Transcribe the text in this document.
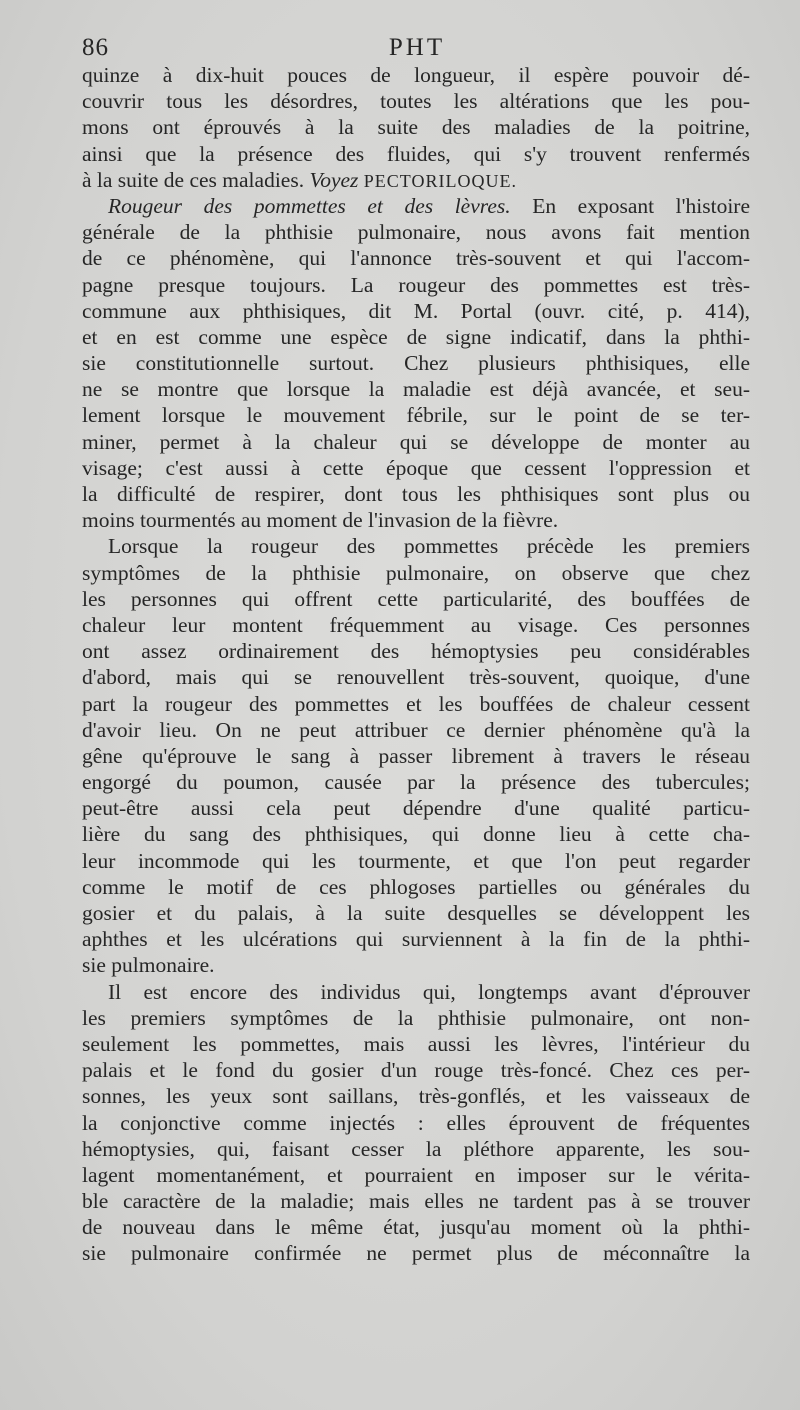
86	PHT
quinze à dix-huit pouces de longueur, il espère pouvoir dé-
couvrir tous les désordres, toutes les altérations que les pou-
mons ont éprouvés à la suite des maladies de la poitrine,
ainsi que la présence des fluides, qui s'y trouvent renfermés
à la suite de ces maladies. Voyez PECTORILOQUE.
Rougeur des pommettes et des lèvres. En exposant l'histoire
générale de la phthisie pulmonaire, nous avons fait mention
de ce phénomène, qui l'annonce très-souvent et qui l'accom-
pagne presque toujours. La rougeur des pommettes est très-
commune aux phthisiques, dit M. Portal (ouvr. cité, p. 414),
et en est comme une espèce de signe indicatif, dans la phthi-
sie constitutionnelle surtout. Chez plusieurs phthisiques, elle
ne se montre que lorsque la maladie est déjà avancée, et seu-
lement lorsque le mouvement fébrile, sur le point de se ter-
miner, permet à la chaleur qui se développe de monter au
visage; c'est aussi à cette époque que cessent l'oppression et
la difficulté de respirer, dont tous les phthisiques sont plus ou
moins tourmentés au moment de l'invasion de la fièvre.
Lorsque la rougeur des pommettes précède les premiers
symptômes de la phthisie pulmonaire, on observe que chez
les personnes qui offrent cette particularité, des bouffées de
chaleur leur montent fréquemment au visage. Ces personnes
ont assez ordinairement des hémoptysies peu considérables
d'abord, mais qui se renouvellent très-souvent, quoique, d'une
part la rougeur des pommettes et les bouffées de chaleur cessent
d'avoir lieu. On ne peut attribuer ce dernier phénomène qu'à la
gêne qu'éprouve le sang à passer librement à travers le réseau
engorgé du poumon, causée par la présence des tubercules;
peut-être aussi cela peut dépendre d'une qualité particu-
lière du sang des phthisiques, qui donne lieu à cette cha-
leur incommode qui les tourmente, et que l'on peut regarder
comme le motif de ces phlogoses partielles ou générales du
gosier et du palais, à la suite desquelles se développent les
aphthes et les ulcérations qui surviennent à la fin de la phthi-
sie pulmonaire.
Il est encore des individus qui, longtemps avant d'éprouver
les premiers symptômes de la phthisie pulmonaire, ont non-
seulement les pommettes, mais aussi les lèvres, l'intérieur du
palais et le fond du gosier d'un rouge très-foncé. Chez ces per-
sonnes, les yeux sont saillans, très-gonflés, et les vaisseaux de
la conjonctive comme injectés : elles éprouvent de fréquentes
hémoptysies, qui, faisant cesser la pléthore apparente, les sou-
lagent momentanément, et pourraient en imposer sur le vérita-
ble caractère de la maladie; mais elles ne tardent pas à se trouver
de nouveau dans le même état, jusqu'au moment où la phthi-
sie pulmonaire confirmée ne permet plus de méconnaître la
